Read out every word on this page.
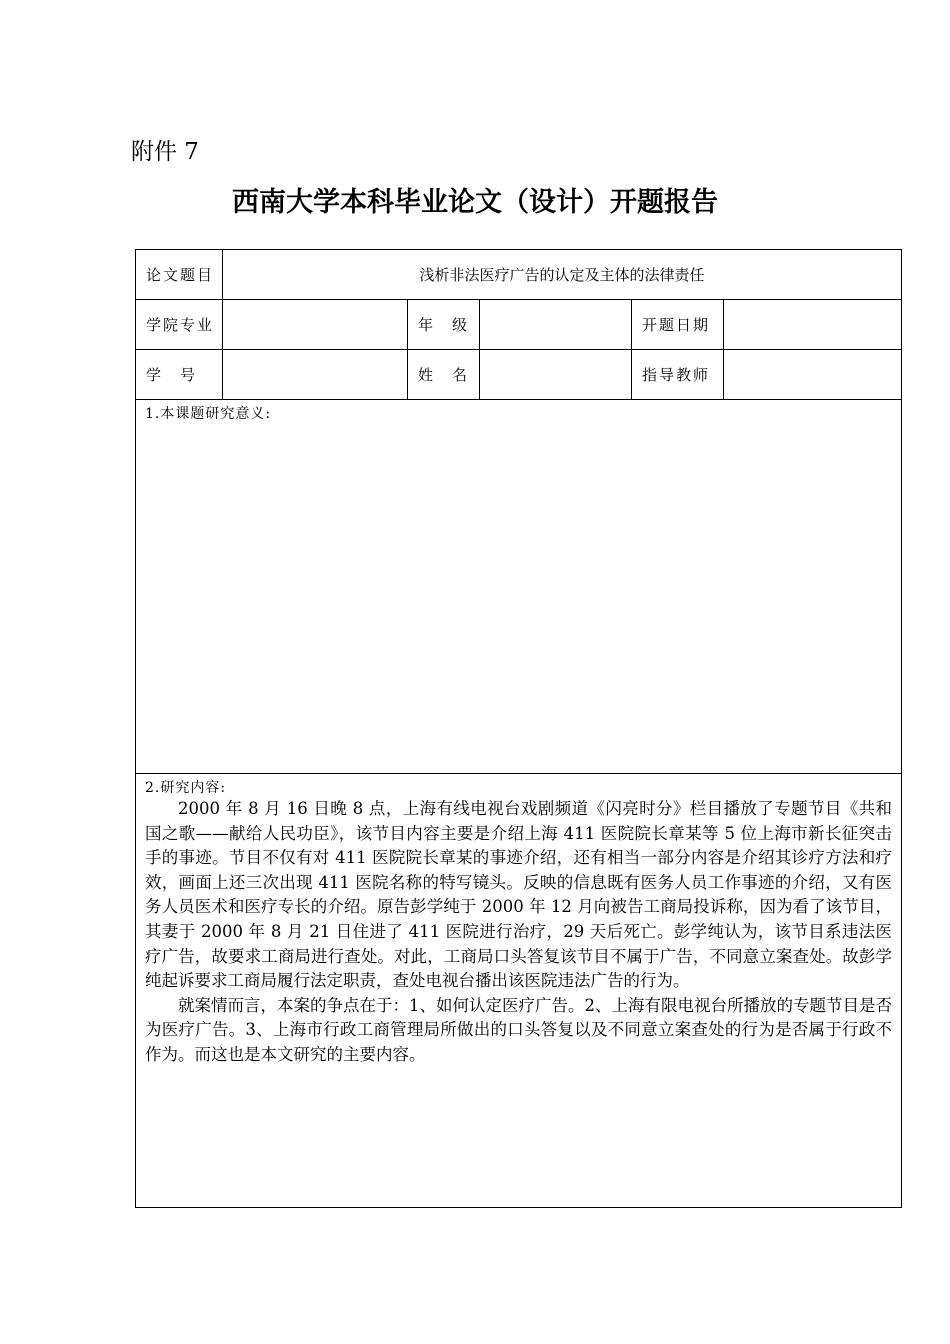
附件 7
西南大学本科毕业论文（设计）开题报告
论文题目	浅析非法医疗广告的认定及主体的法律责任				
学院专业		年　级		开题日期	
学　号		姓　名		指导教师	

1.本课题研究意义:					

2.研究内容:

2000 年 8 月 16 日晚 8 点，上海有线电视台戏剧频道《闪亮时分》栏目播放了专题节目《共和国之歌——献给人民功臣》，该节目内容主要是介绍上海 411 医院院长章某等 5 位上海市新长征突击手的事迹。节目不仅有对 411 医院院长章某的事迹介绍，还有相当一部分内容是介绍其诊疗方法和疗效，画面上还三次出现 411 医院名称的特写镜头。反映的信息既有医务人员工作事迹的介绍，又有医务人员医术和医疗专长的介绍。原告彭学纯于 2000 年 12 月向被告工商局投诉称，因为看了该节目，其妻于 2000 年 8 月 21 日住进了 411 医院进行治疗，29 天后死亡。彭学纯认为，该节目系违法医疗广告，故要求工商局进行查处。对此，工商局口头答复该节目不属于广告，不同意立案查处。故彭学纯起诉要求工商局履行法定职责，查处电视台播出该医院违法广告的行为。

就案情而言，本案的争点在于：1、如何认定医疗广告。2、上海有限电视台所播放的专题节目是否为医疗广告。3、上海市行政工商管理局所做出的口头答复以及不同意立案查处的行为是否属于行政不作为。而这也是本文研究的主要内容。					
